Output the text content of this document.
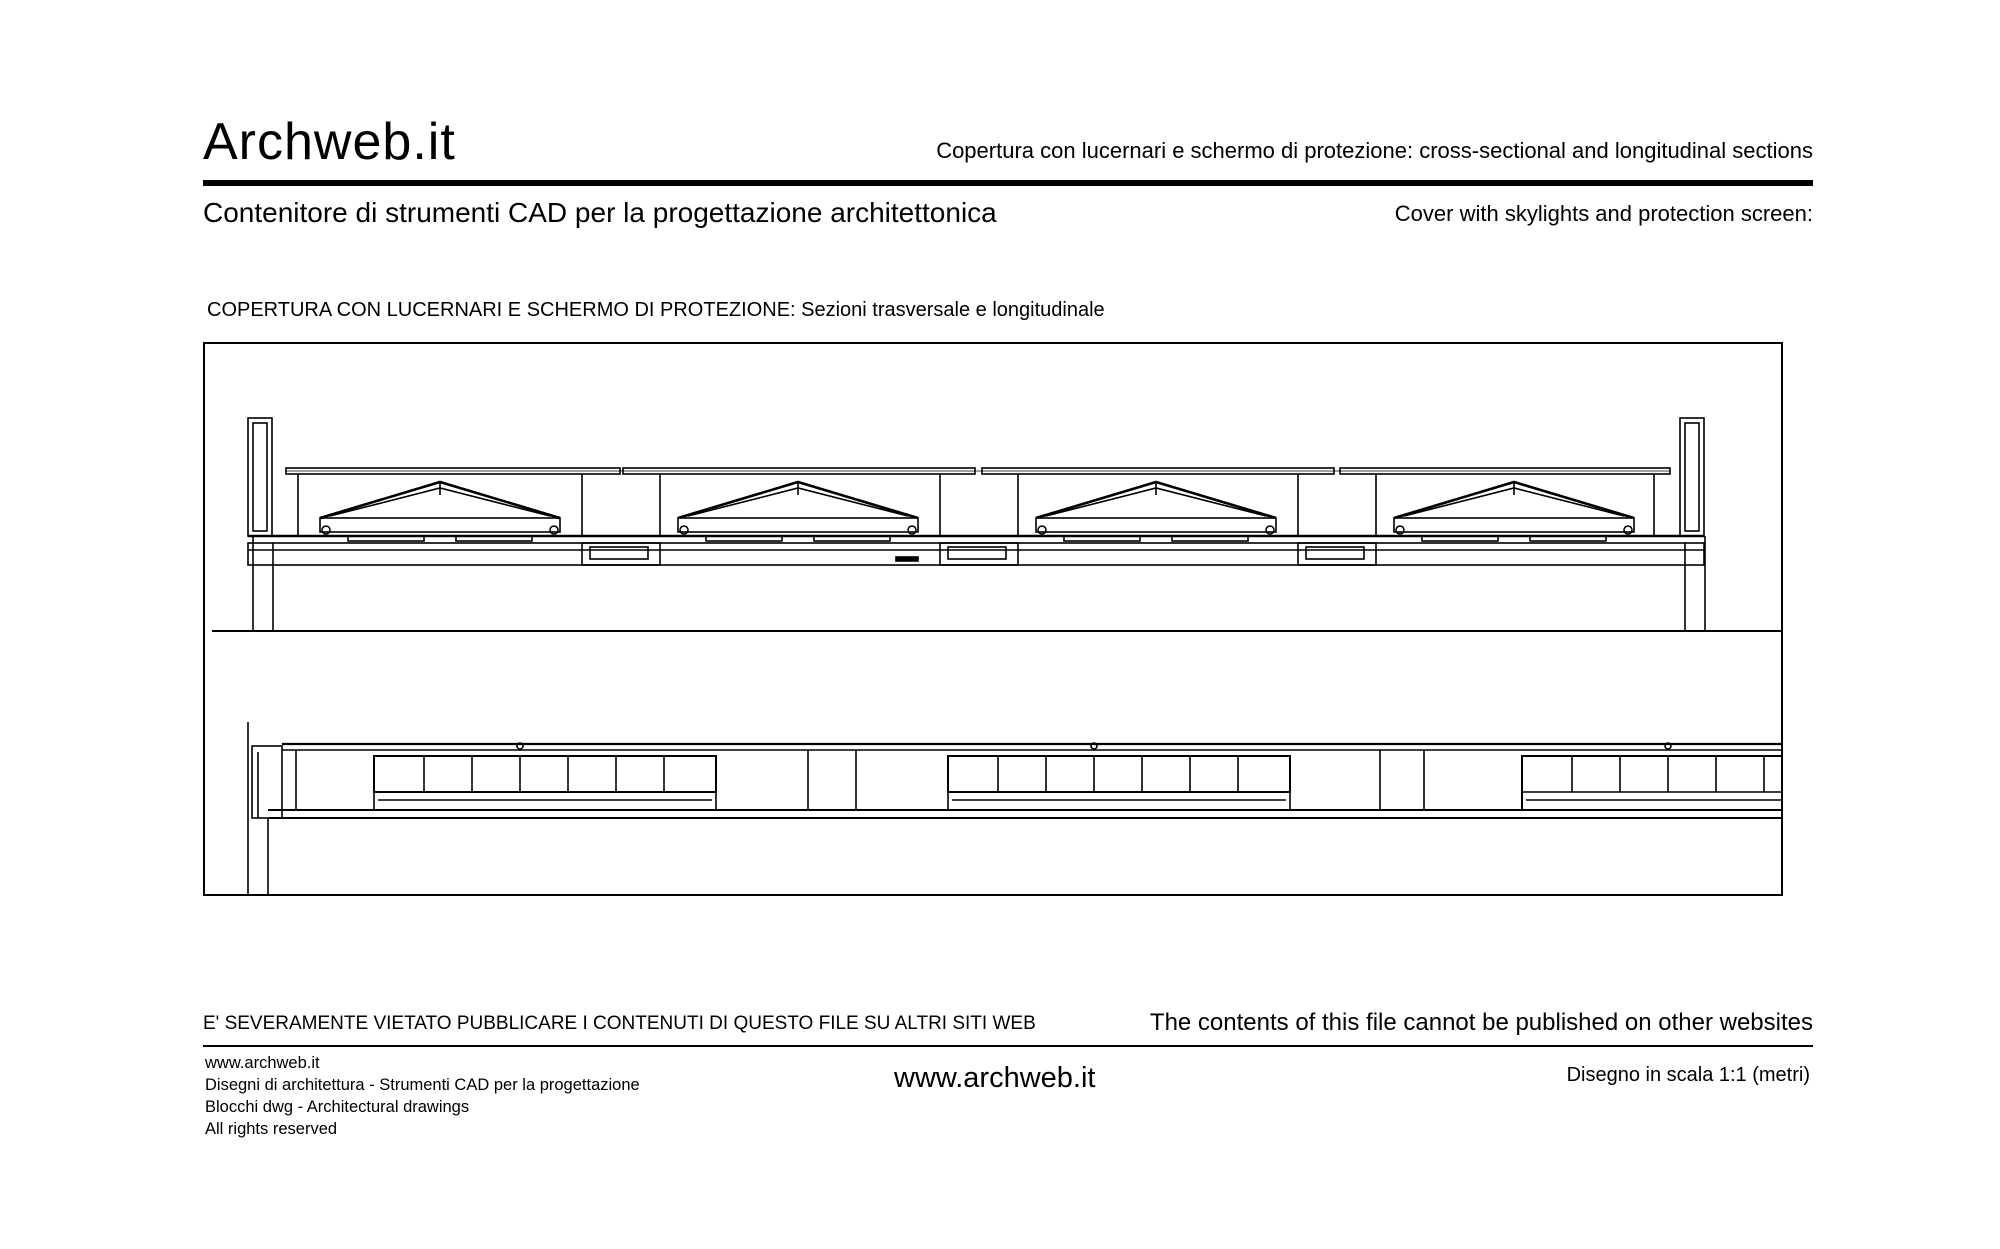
Archweb.it	Copertura con lucernari e schermo di protezione: cross-sectional and longitudinal sections
Contenitore di strumenti CAD per la progettazione architettonica	Cover with skylights and protection screen:
COPERTURA CON LUCERNARI E SCHERMO DI PROTEZIONE: Sezioni trasversale e longitudinale
E' SEVERAMENTE VIETATO PUBBLICARE I CONTENUTI DI QUESTO FILE SU ALTRI SITI WEB	The contents of this file cannot be published on other websites
www.archweb.it
Disegni di architettura - Strumenti CAD per la progettazione
Blocchi dwg - Architectural drawings
All rights reserved
www.archweb.it	Disegno in scala 1:1 (metri)
